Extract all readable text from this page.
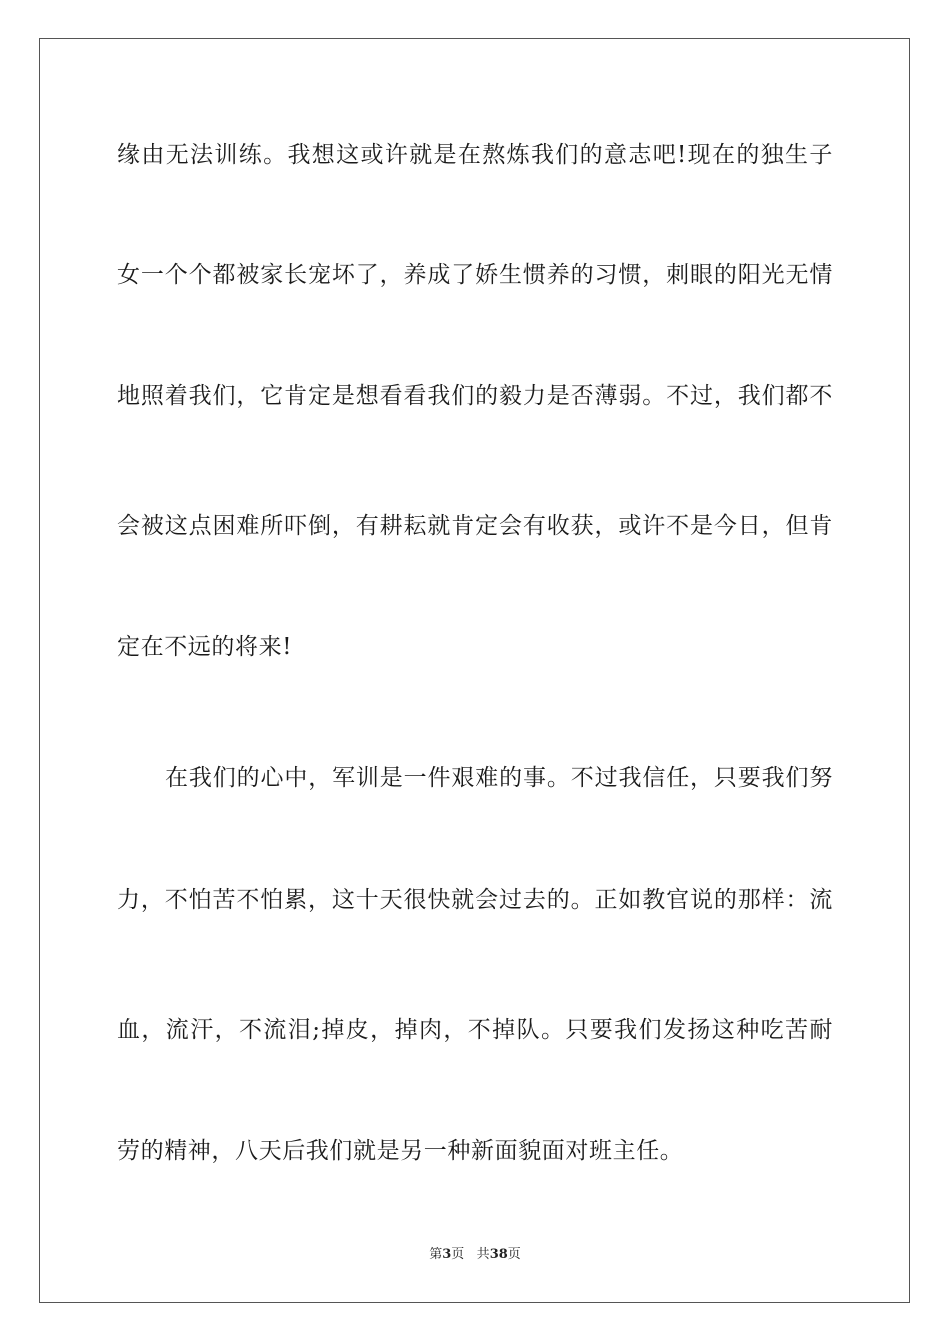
缘由无法训练。我想这或许就是在熬炼我们的意志吧!现在的独生子
女一个个都被家长宠坏了，养成了娇生惯养的习惯，刺眼的阳光无情
地照着我们，它肯定是想看看我们的毅力是否薄弱。不过，我们都不
会被这点困难所吓倒，有耕耘就肯定会有收获，或许不是今日，但肯
定在不远的将来!
在我们的心中，军训是一件艰难的事。不过我信任，只要我们努
力，不怕苦不怕累，这十天很快就会过去的。正如教官说的那样：流
血，流汗，不流泪;掉皮，掉肉，不掉队。只要我们发扬这种吃苦耐
劳的精神，八天后我们就是另一种新面貌面对班主任。
第3页 共38页
